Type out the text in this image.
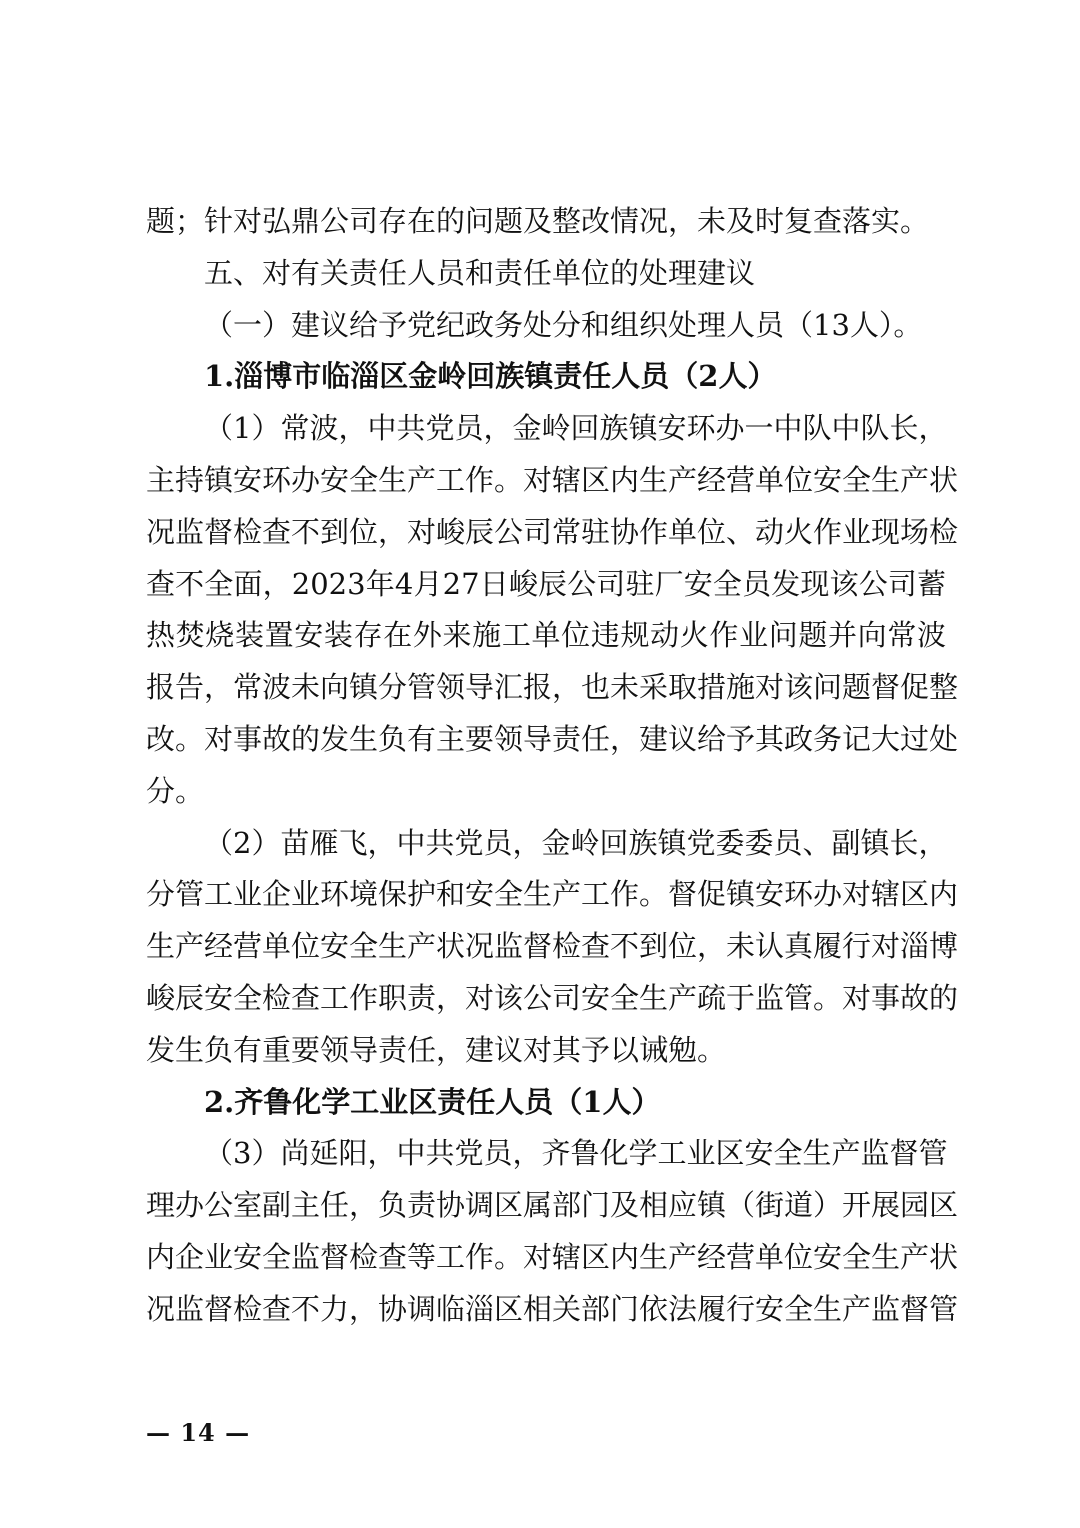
题；针对弘鼎公司存在的问题及整改情况，未及时复查落实。
五、对有关责任人员和责任单位的处理建议
（一）建议给予党纪政务处分和组织处理人员（13人）。
1.淄博市临淄区金岭回族镇责任人员（2人）
（1）常波，中共党员，金岭回族镇安环办一中队中队长，
主持镇安环办安全生产工作。对辖区内生产经营单位安全生产状
况监督检查不到位，对峻辰公司常驻协作单位、动火作业现场检
查不全面，2023年4月27日峻辰公司驻厂安全员发现该公司蓄
热焚烧装置安装存在外来施工单位违规动火作业问题并向常波
报告，常波未向镇分管领导汇报，也未采取措施对该问题督促整
改。对事故的发生负有主要领导责任，建议给予其政务记大过处
分。
（2）苗雁飞，中共党员，金岭回族镇党委委员、副镇长，
分管工业企业环境保护和安全生产工作。督促镇安环办对辖区内
生产经营单位安全生产状况监督检查不到位，未认真履行对淄博
峻辰安全检查工作职责，对该公司安全生产疏于监管。对事故的
发生负有重要领导责任，建议对其予以诫勉。
2.齐鲁化学工业区责任人员（1人）
（3）尚延阳，中共党员，齐鲁化学工业区安全生产监督管
理办公室副主任，负责协调区属部门及相应镇（街道）开展园区
内企业安全监督检查等工作。对辖区内生产经营单位安全生产状
况监督检查不力，协调临淄区相关部门依法履行安全生产监督管
— 14 —
